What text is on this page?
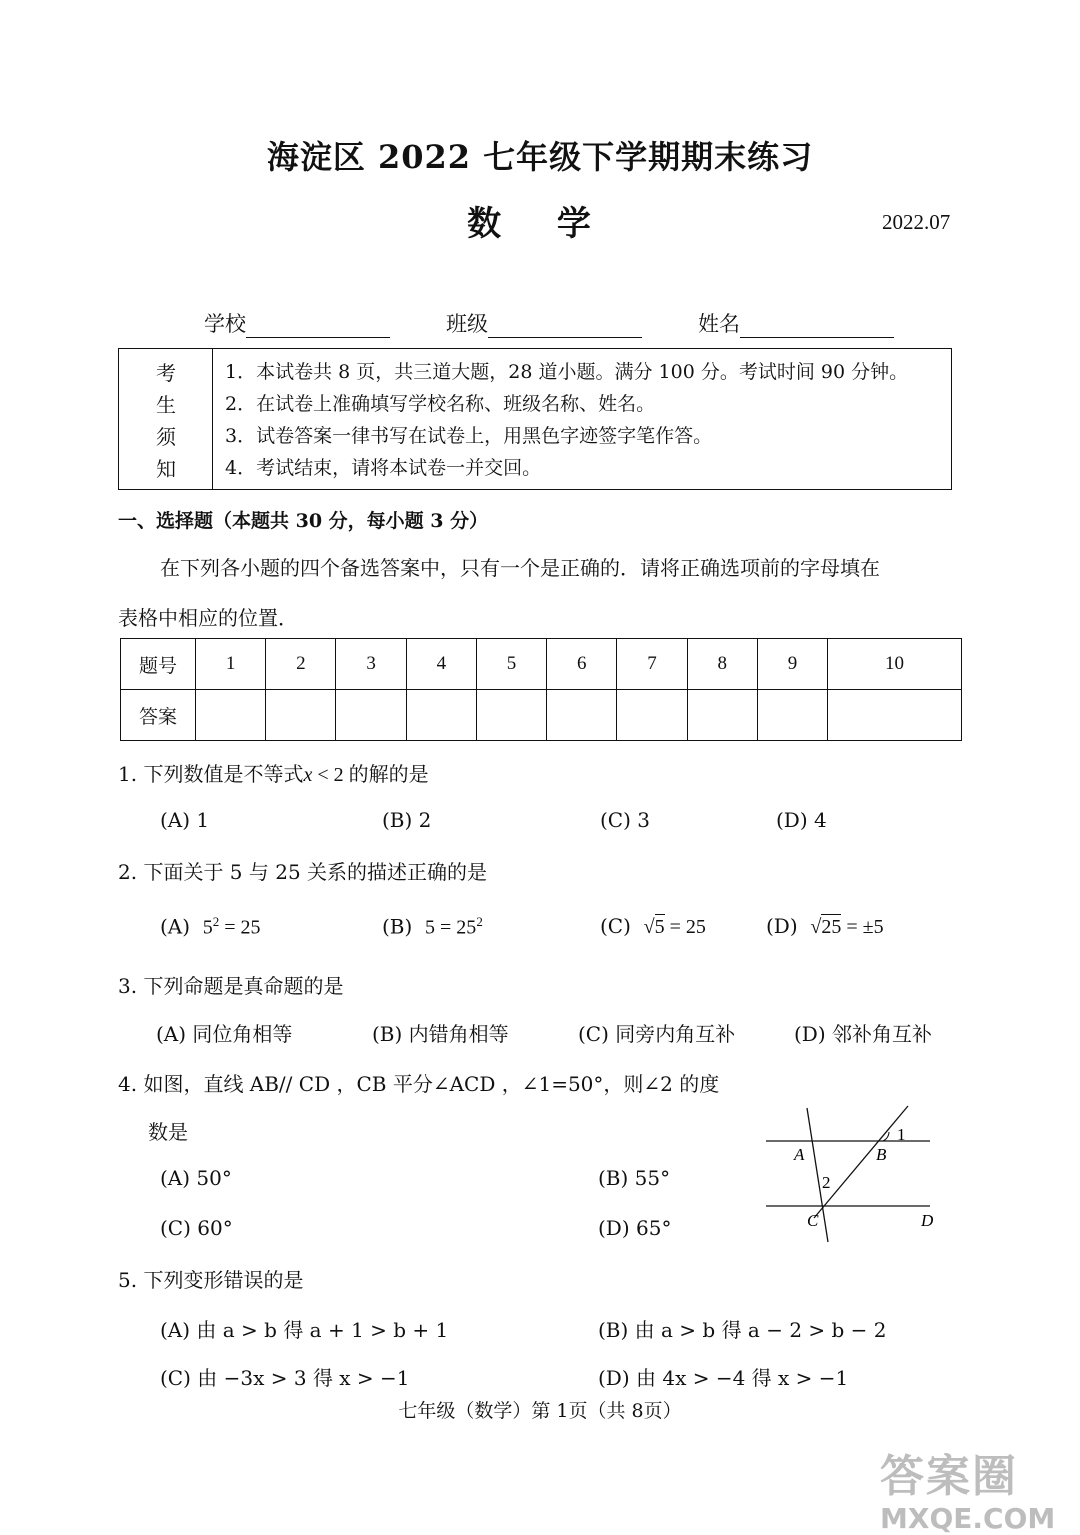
海淀区 2022 七年级下学期期末练习
数 学	2022.07
学校	班级	姓名
考
生
须
知
1．本试卷共 8 页，共三道大题，28 道小题。满分 100 分。考试时间 90 分钟。
2．在试卷上准确填写学校名称、班级名称、姓名。
3．试卷答案一律书写在试卷上，用黑色字迹签字笔作答。
4．考试结束，请将本试卷一并交回。
一、选择题（本题共 30 分，每小题 3 分）
在下列各小题的四个备选答案中，只有一个是正确的．请将正确选项前的字母填在
表格中相应的位置．
题号	1	2	3	4	5	6	7	8	9	10
答案										
1. 下列数值是不等式x < 2 的解的是
(A) 1	(B) 2	(C) 3	(D) 4
2. 下面关于 5 与 25 关系的描述正确的是
(A) $5^2 = 25$	(B) $5 = 25^2$	(C) √5 = 25	(D) √25 = ±5
3. 下列命题是真命题的是
(A) 同位角相等	(B) 内错角相等	(C) 同旁内角互补	(D) 邻补角互补
4. 如图，直线 AB// CD ，CB 平分∠ACD ，∠1=50°，则∠2 的度
数是
(A) 50°	(B) 55°
(C) 60°	(D) 65°
1
2
A	B
C	D
5. 下列变形错误的是
(A) 由 a > b 得 a + 1 > b + 1	(B) 由 a > b 得 a − 2 > b − 2
(C) 由 −3x > 3 得 x > −1	(D) 由 4x > −4 得 x > −1
七年级（数学）第 1页（共 8页）
答案圈
MXQE.COM
